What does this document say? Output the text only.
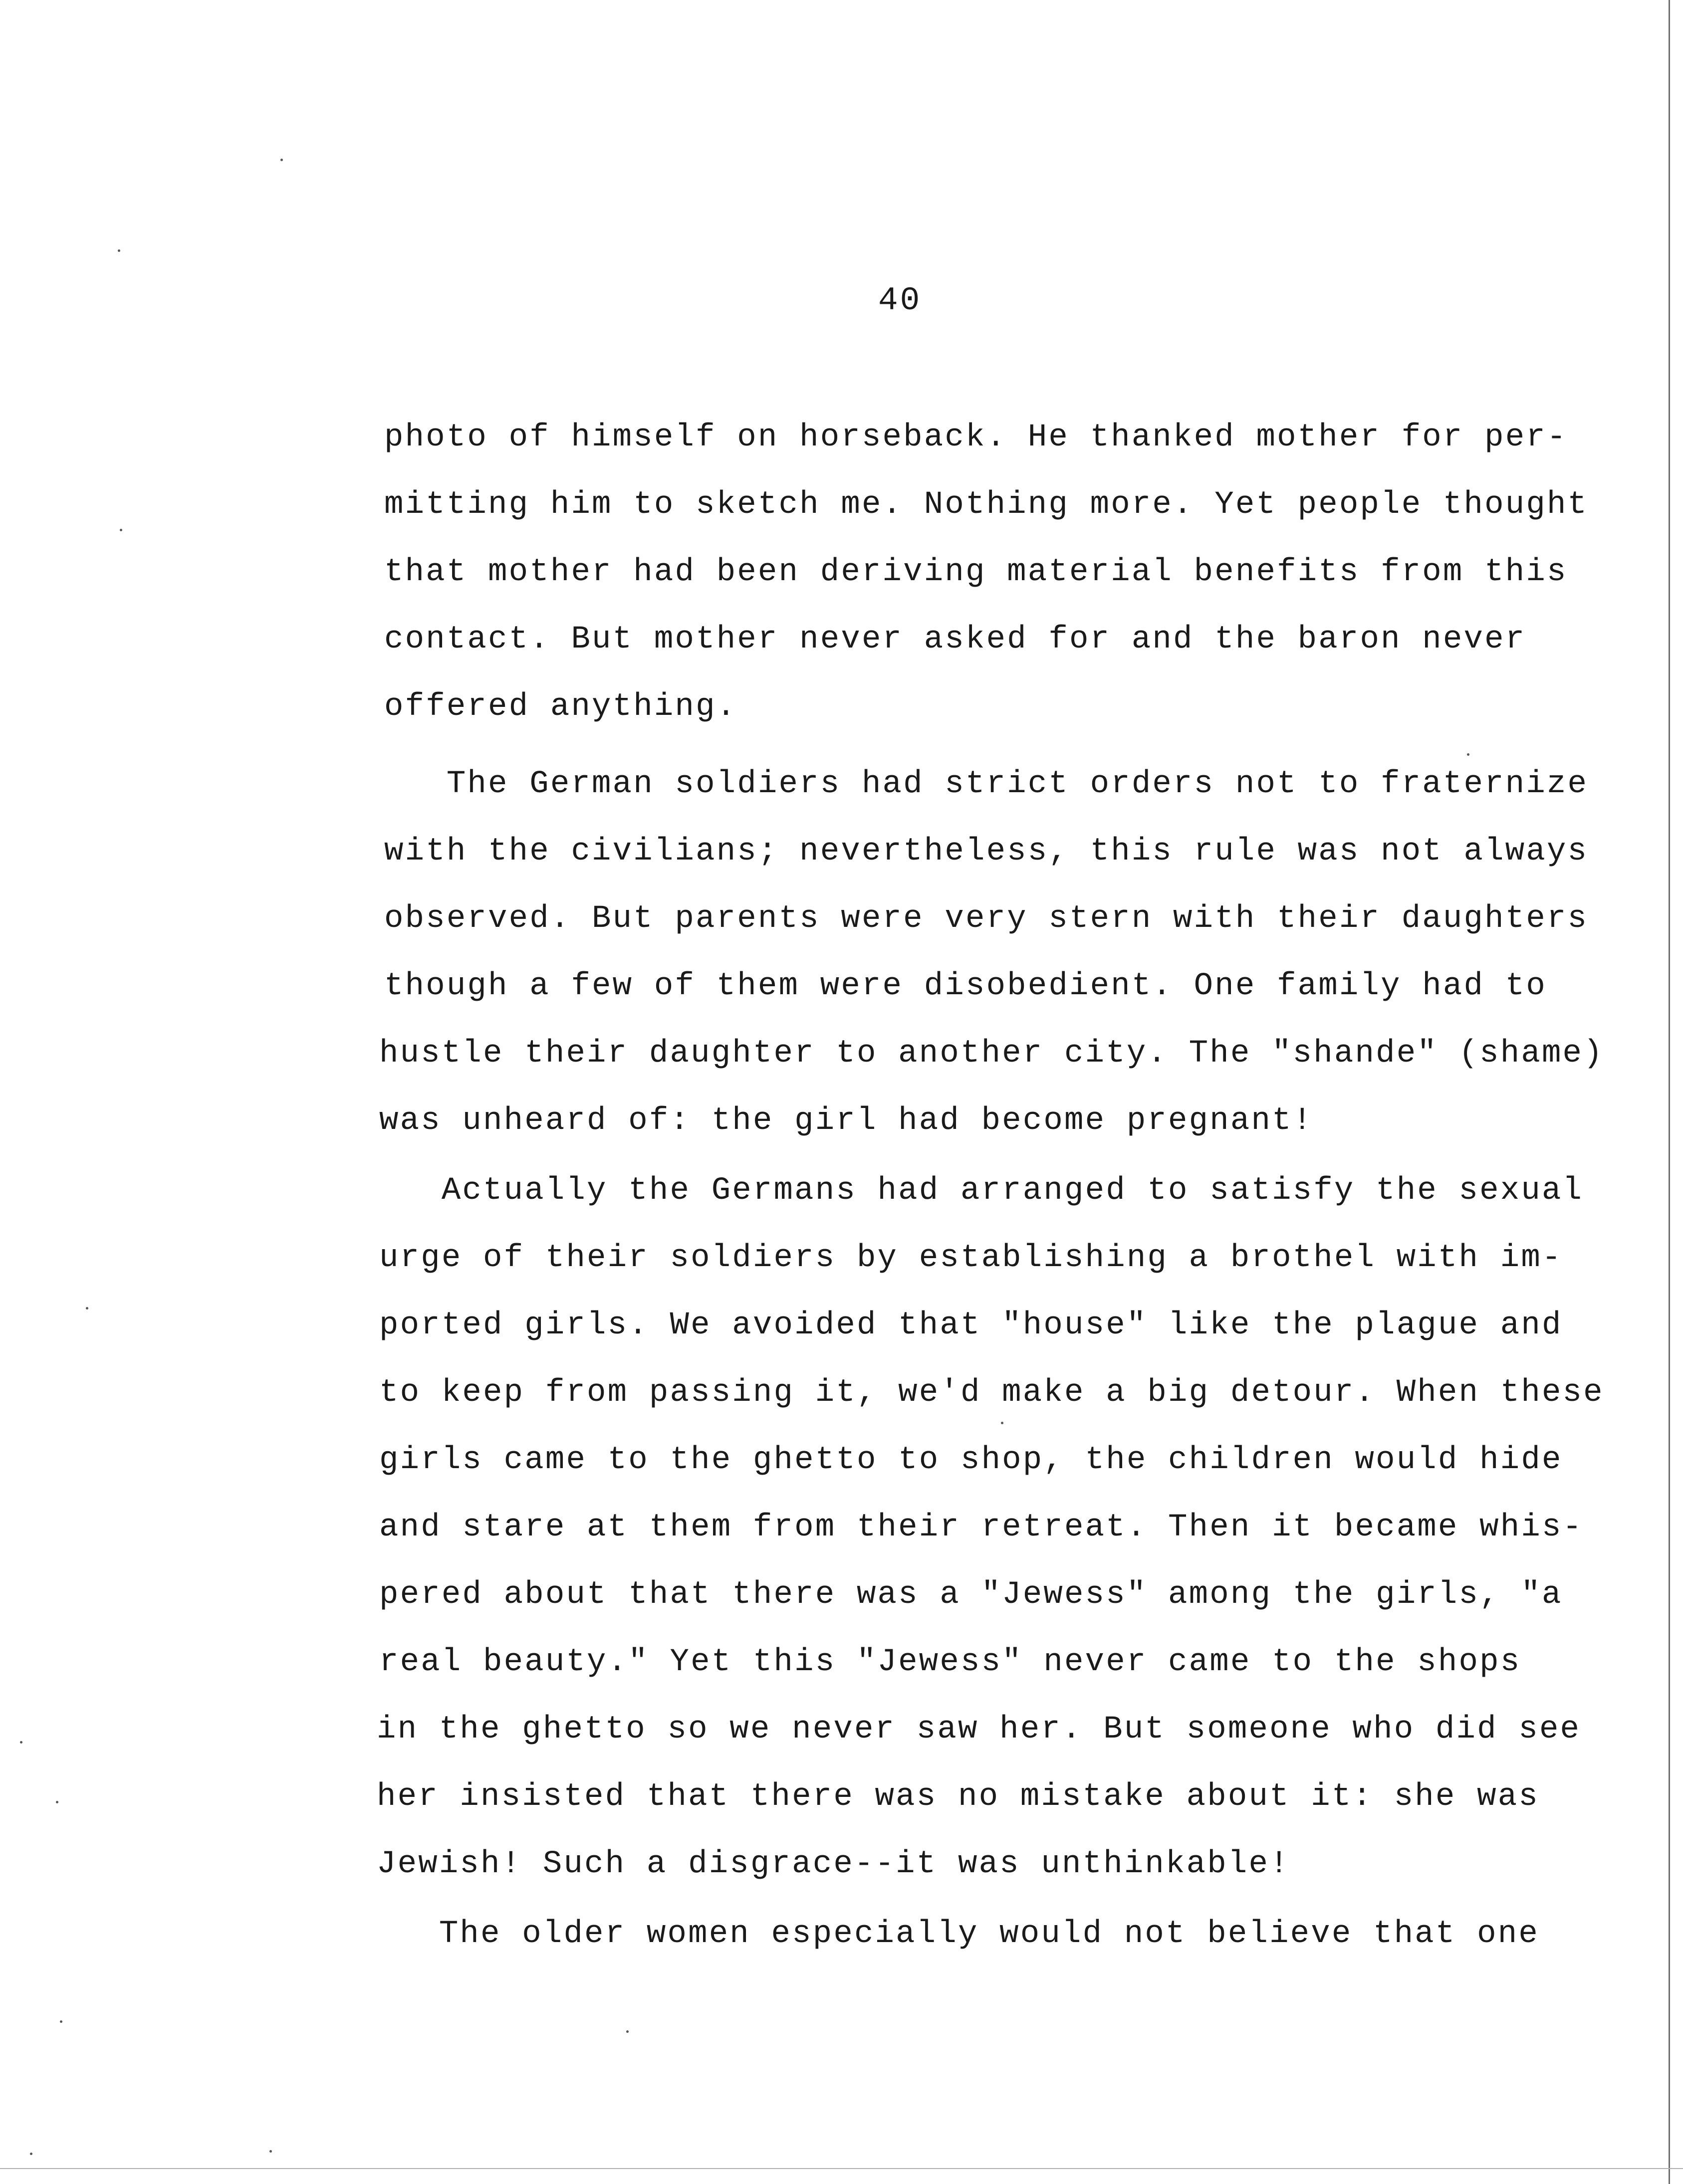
40
photo of himself on horseback. He thanked mother for per-
mitting him to sketch me. Nothing more. Yet people thought
that mother had been deriving material benefits from this
contact. But mother never asked for and the baron never
offered anything.
The German soldiers had strict orders not to fraternize
with the civilians; nevertheless, this rule was not always
observed. But parents were very stern with their daughters
though a few of them were disobedient. One family had to
hustle their daughter to another city. The "shande" (shame)
was unheard of: the girl had become pregnant!
Actually the Germans had arranged to satisfy the sexual
urge of their soldiers by establishing a brothel with im-
ported girls. We avoided that "house" like the plague and
to keep from passing it, we'd make a big detour. When these
girls came to the ghetto to shop, the children would hide
and stare at them from their retreat. Then it became whis-
pered about that there was a "Jewess" among the girls, "a
real beauty." Yet this "Jewess" never came to the shops
in the ghetto so we never saw her. But someone who did see
her insisted that there was no mistake about it: she was
Jewish! Such a disgrace--it was unthinkable!
The older women especially would not believe that one
